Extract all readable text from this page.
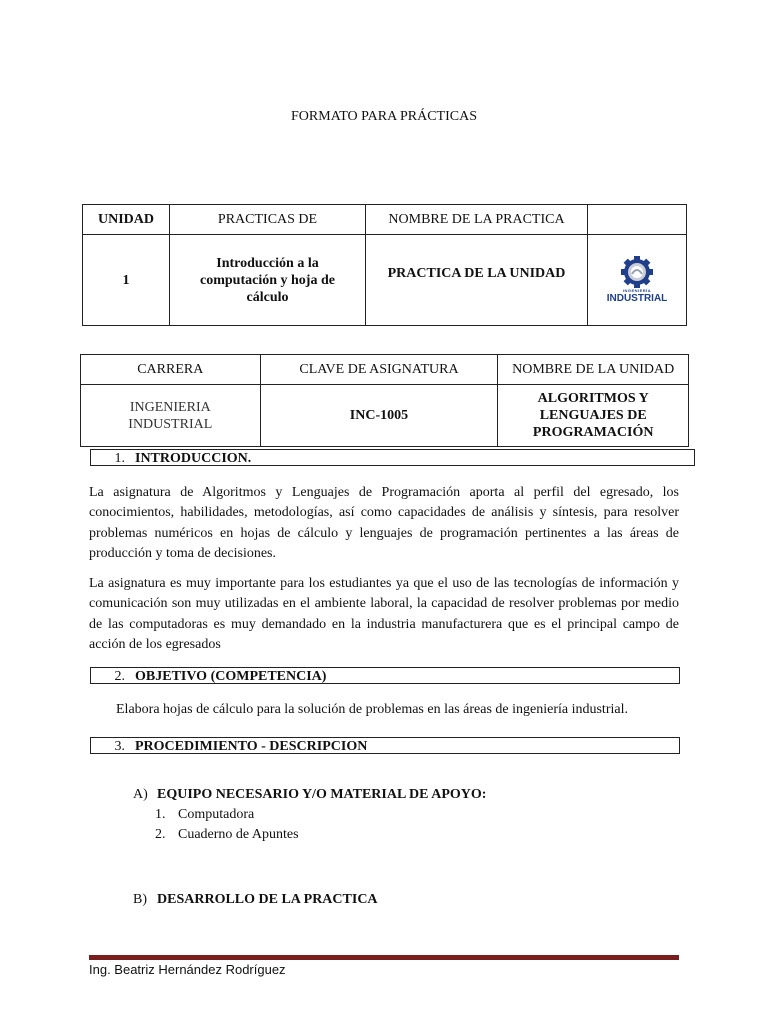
FORMATO PARA PRÁCTICAS
UNIDAD	PRACTICAS DE	NOMBRE DE LA PRACTICA	
1	Introducción a la computación y hoja de cálculo	PRACTICA DE LA UNIDAD	INGENIERÍA
INDUSTRIAL
CARRERA	CLAVE DE ASIGNATURA	NOMBRE DE LA UNIDAD
INGENIERIA INDUSTRIAL	INC-1005	ALGORITMOS Y LENGUAJES DE PROGRAMACIÓN
1. INTRODUCCION.
La asignatura de Algoritmos y Lenguajes de Programación aporta al perfil del egresado, los conocimientos, habilidades, metodologías, así como capacidades de análisis y síntesis, para resolver problemas numéricos en hojas de cálculo y lenguajes de programación pertinentes a las áreas de producción y toma de decisiones.
La asignatura es muy importante para los estudiantes ya que el uso de las tecnologías de información y comunicación son muy utilizadas en el ambiente laboral, la capacidad de resolver problemas por medio de las computadoras es muy demandado en la industria manufacturera que es el principal campo de acción de los egresados
2. OBJETIVO (COMPETENCIA)
Elabora hojas de cálculo para la solución de problemas en las áreas de ingeniería industrial.
3. PROCEDIMIENTO - DESCRIPCION
A) EQUIPO NECESARIO Y/O MATERIAL DE APOYO:
1. Computadora
2. Cuaderno de Apuntes
B) DESARROLLO DE LA PRACTICA
Ing. Beatriz Hernández Rodríguez
